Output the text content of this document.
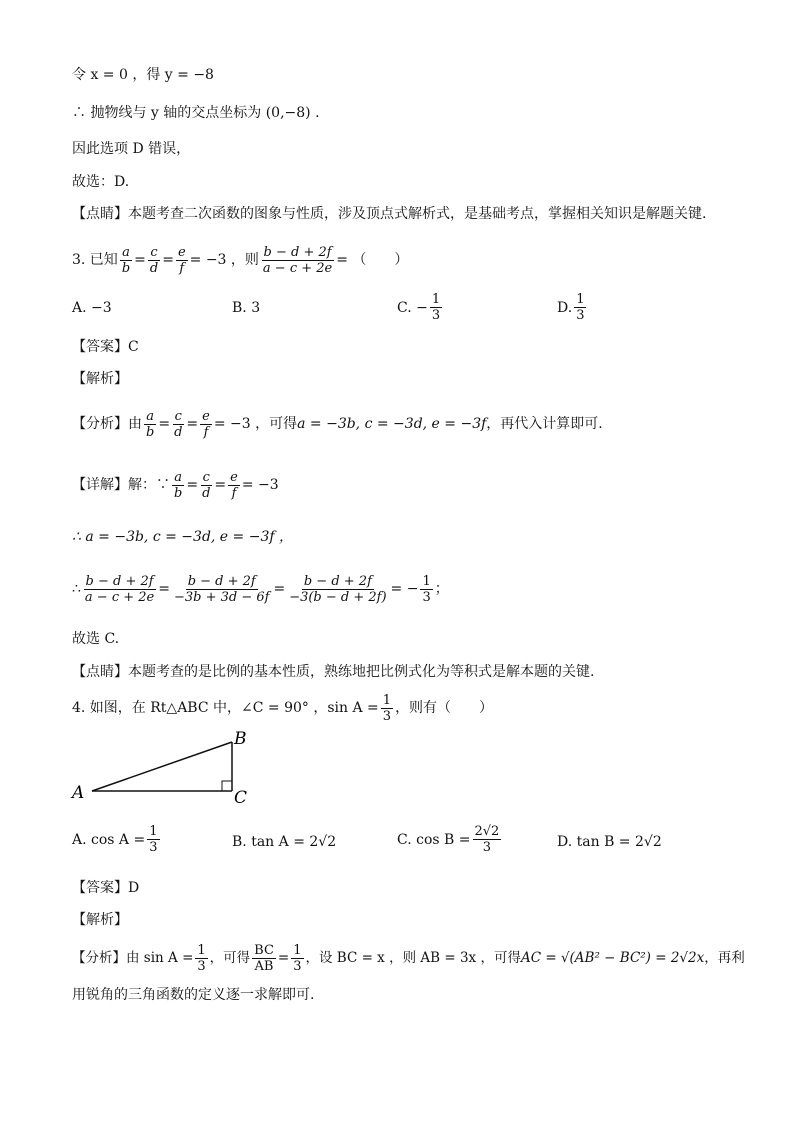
令 x = 0 ，得 y = −8
∴ 抛物线与 y 轴的交点坐标为 (0,−8) .
因此选项 D 错误，
故选：D.
【点睛】本题考查二次函数的图象与性质，涉及顶点式解析式，是基础考点，掌握相关知识是解题关键.
3. 已知 $\frac{a}{b} = \frac{c}{d} = \frac{e}{f} = -3$ ，则 $\frac{b - d + 2f}{a - c + 2e}$ = （　　）
A. −3	B. 3	C. − $\frac{1}{3}$	D. $\frac{1}{3}$
【答案】C
【解析】
【分析】由 $\frac{a}{b} = \frac{c}{d} = \frac{e}{f} = -3$ ，可得 a = −3b, c = −3d, e = −3f ，再代入计算即可.
【详解】解：∵ $\frac{a}{b} = \frac{c}{d} = \frac{e}{f} = -3$
∴ a = −3b, c = −3d, e = −3f ，
∴ $\frac{b - d + 2f}{a - c + 2e} = \frac{b - d + 2f}{-3b + 3d - 6f} = \frac{b - d + 2f}{-3(b - d + 2f)}$ = − $\frac{1}{3}$ ；
故选 C.
【点睛】本题考查的是比例的基本性质，熟练地把比例式化为等积式是解本题的关键.
4. 如图，在 Rt△ABC 中，∠C = 90° ，$\sin A = \frac{1}{3}$ ，则有（　　）
A
B
C
A. $\cos A = \frac{1}{3}$	B. tan A = 2√2	C. $\cos B = \frac{2√2}{3}$	D. tan B = 2√2
【答案】D
【解析】
【分析】由 $\sin A = \frac{1}{3}$ ，可得 $\frac{BC}{AB} = \frac{1}{3}$ ，设 BC = x ，则 AB = 3x ，可得 AC = √(AB² − BC²) = 2√2x ，再利
用锐角的三角函数的定义逐一求解即可.
